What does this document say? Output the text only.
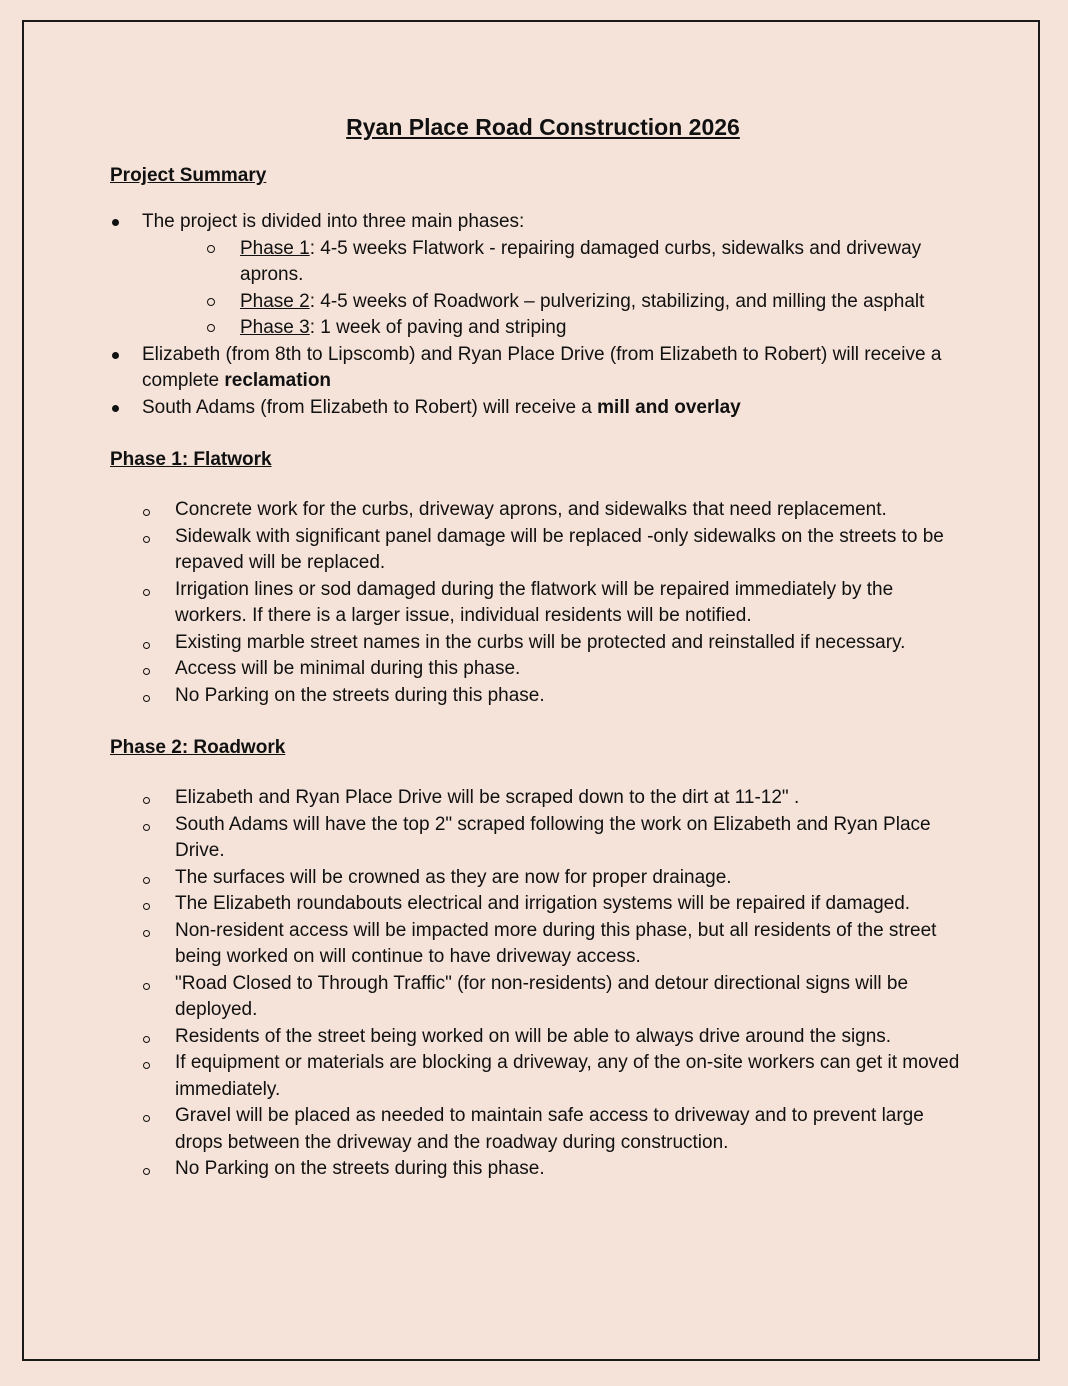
Ryan Place Road Construction 2026
Project Summary
The project is divided into three main phases:
Phase 1: 4-5 weeks Flatwork - repairing damaged curbs, sidewalks and driveway aprons.
Phase 2: 4-5 weeks of Roadwork – pulverizing, stabilizing, and milling the asphalt
Phase 3: 1 week of paving and striping
Elizabeth (from 8th to Lipscomb) and Ryan Place Drive (from Elizabeth to Robert) will receive a complete reclamation
South Adams (from Elizabeth to Robert) will receive a mill and overlay
Phase 1: Flatwork
Concrete work for the curbs, driveway aprons, and sidewalks that need replacement.
Sidewalk with significant panel damage will be replaced -only sidewalks on the streets to be repaved will be replaced.
Irrigation lines or sod damaged during the flatwork will be repaired immediately by the workers. If there is a larger issue, individual residents will be notified.
Existing marble street names in the curbs will be protected and reinstalled if necessary.
Access will be minimal during this phase.
No Parking on the streets during this phase.
Phase 2: Roadwork
Elizabeth and Ryan Place Drive will be scraped down to the dirt at 11-12" .
South Adams will have the top 2" scraped following the work on Elizabeth and Ryan Place Drive.
The surfaces will be crowned as they are now for proper drainage.
The Elizabeth roundabouts electrical and irrigation systems will be repaired if damaged.
Non-resident access will be impacted more during this phase, but all residents of the street being worked on will continue to have driveway access.
"Road Closed to Through Traffic" (for non-residents) and detour directional signs will be deployed.
Residents of the street being worked on will be able to always drive around the signs.
If equipment or materials are blocking a driveway, any of the on-site workers can get it moved immediately.
Gravel will be placed as needed to maintain safe access to driveway and to prevent large drops between the driveway and the roadway during construction.
No Parking on the streets during this phase.
